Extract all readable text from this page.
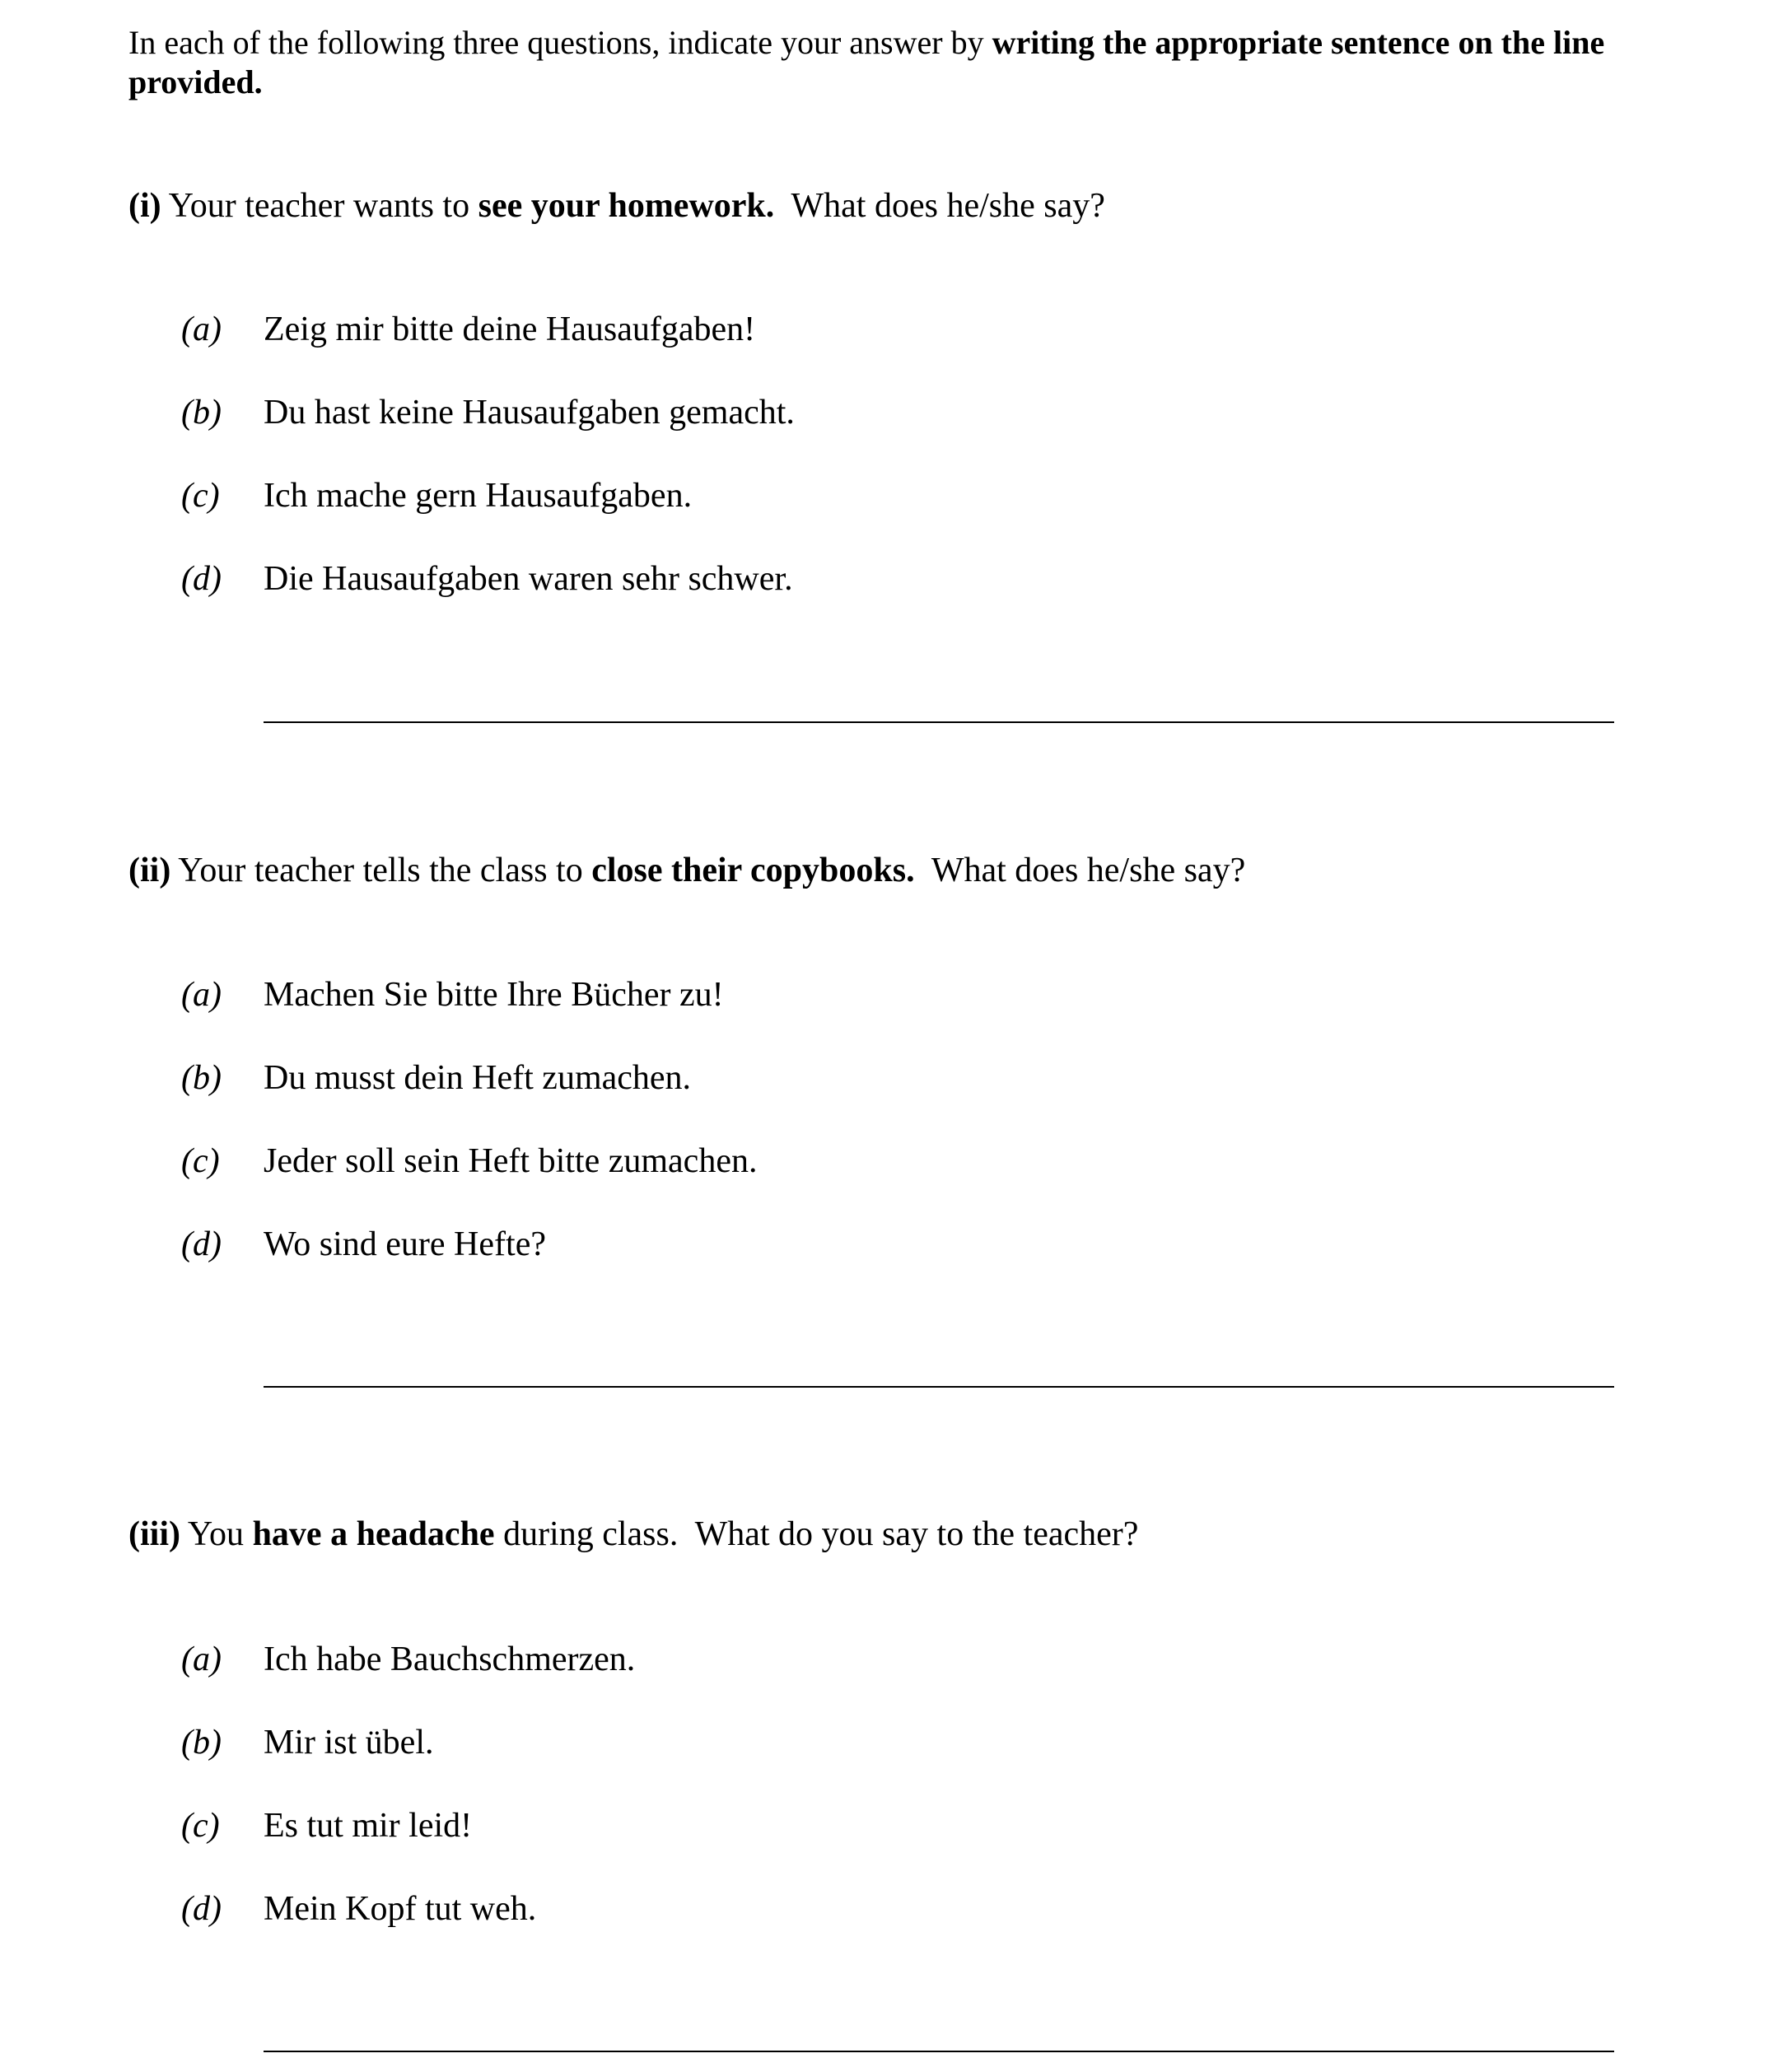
In each of the following three questions, indicate your answer by writing the appropriate sentence on the line provided.
(i) Your teacher wants to see your homework.  What does he/she say?
(a) Zeig mir bitte deine Hausaufgaben!
(b) Du hast keine Hausaufgaben gemacht.
(c) Ich mache gern Hausaufgaben.
(d) Die Hausaufgaben waren sehr schwer.
(ii) Your teacher tells the class to close their copybooks.  What does he/she say?
(a) Machen Sie bitte Ihre Bücher zu!
(b) Du musst dein Heft zumachen.
(c) Jeder soll sein Heft bitte zumachen.
(d) Wo sind eure Hefte?
(iii) You have a headache during class.  What do you say to the teacher?
(a) Ich habe Bauchschmerzen.
(b) Mir ist übel.
(c) Es tut mir leid!
(d) Mein Kopf tut weh.
